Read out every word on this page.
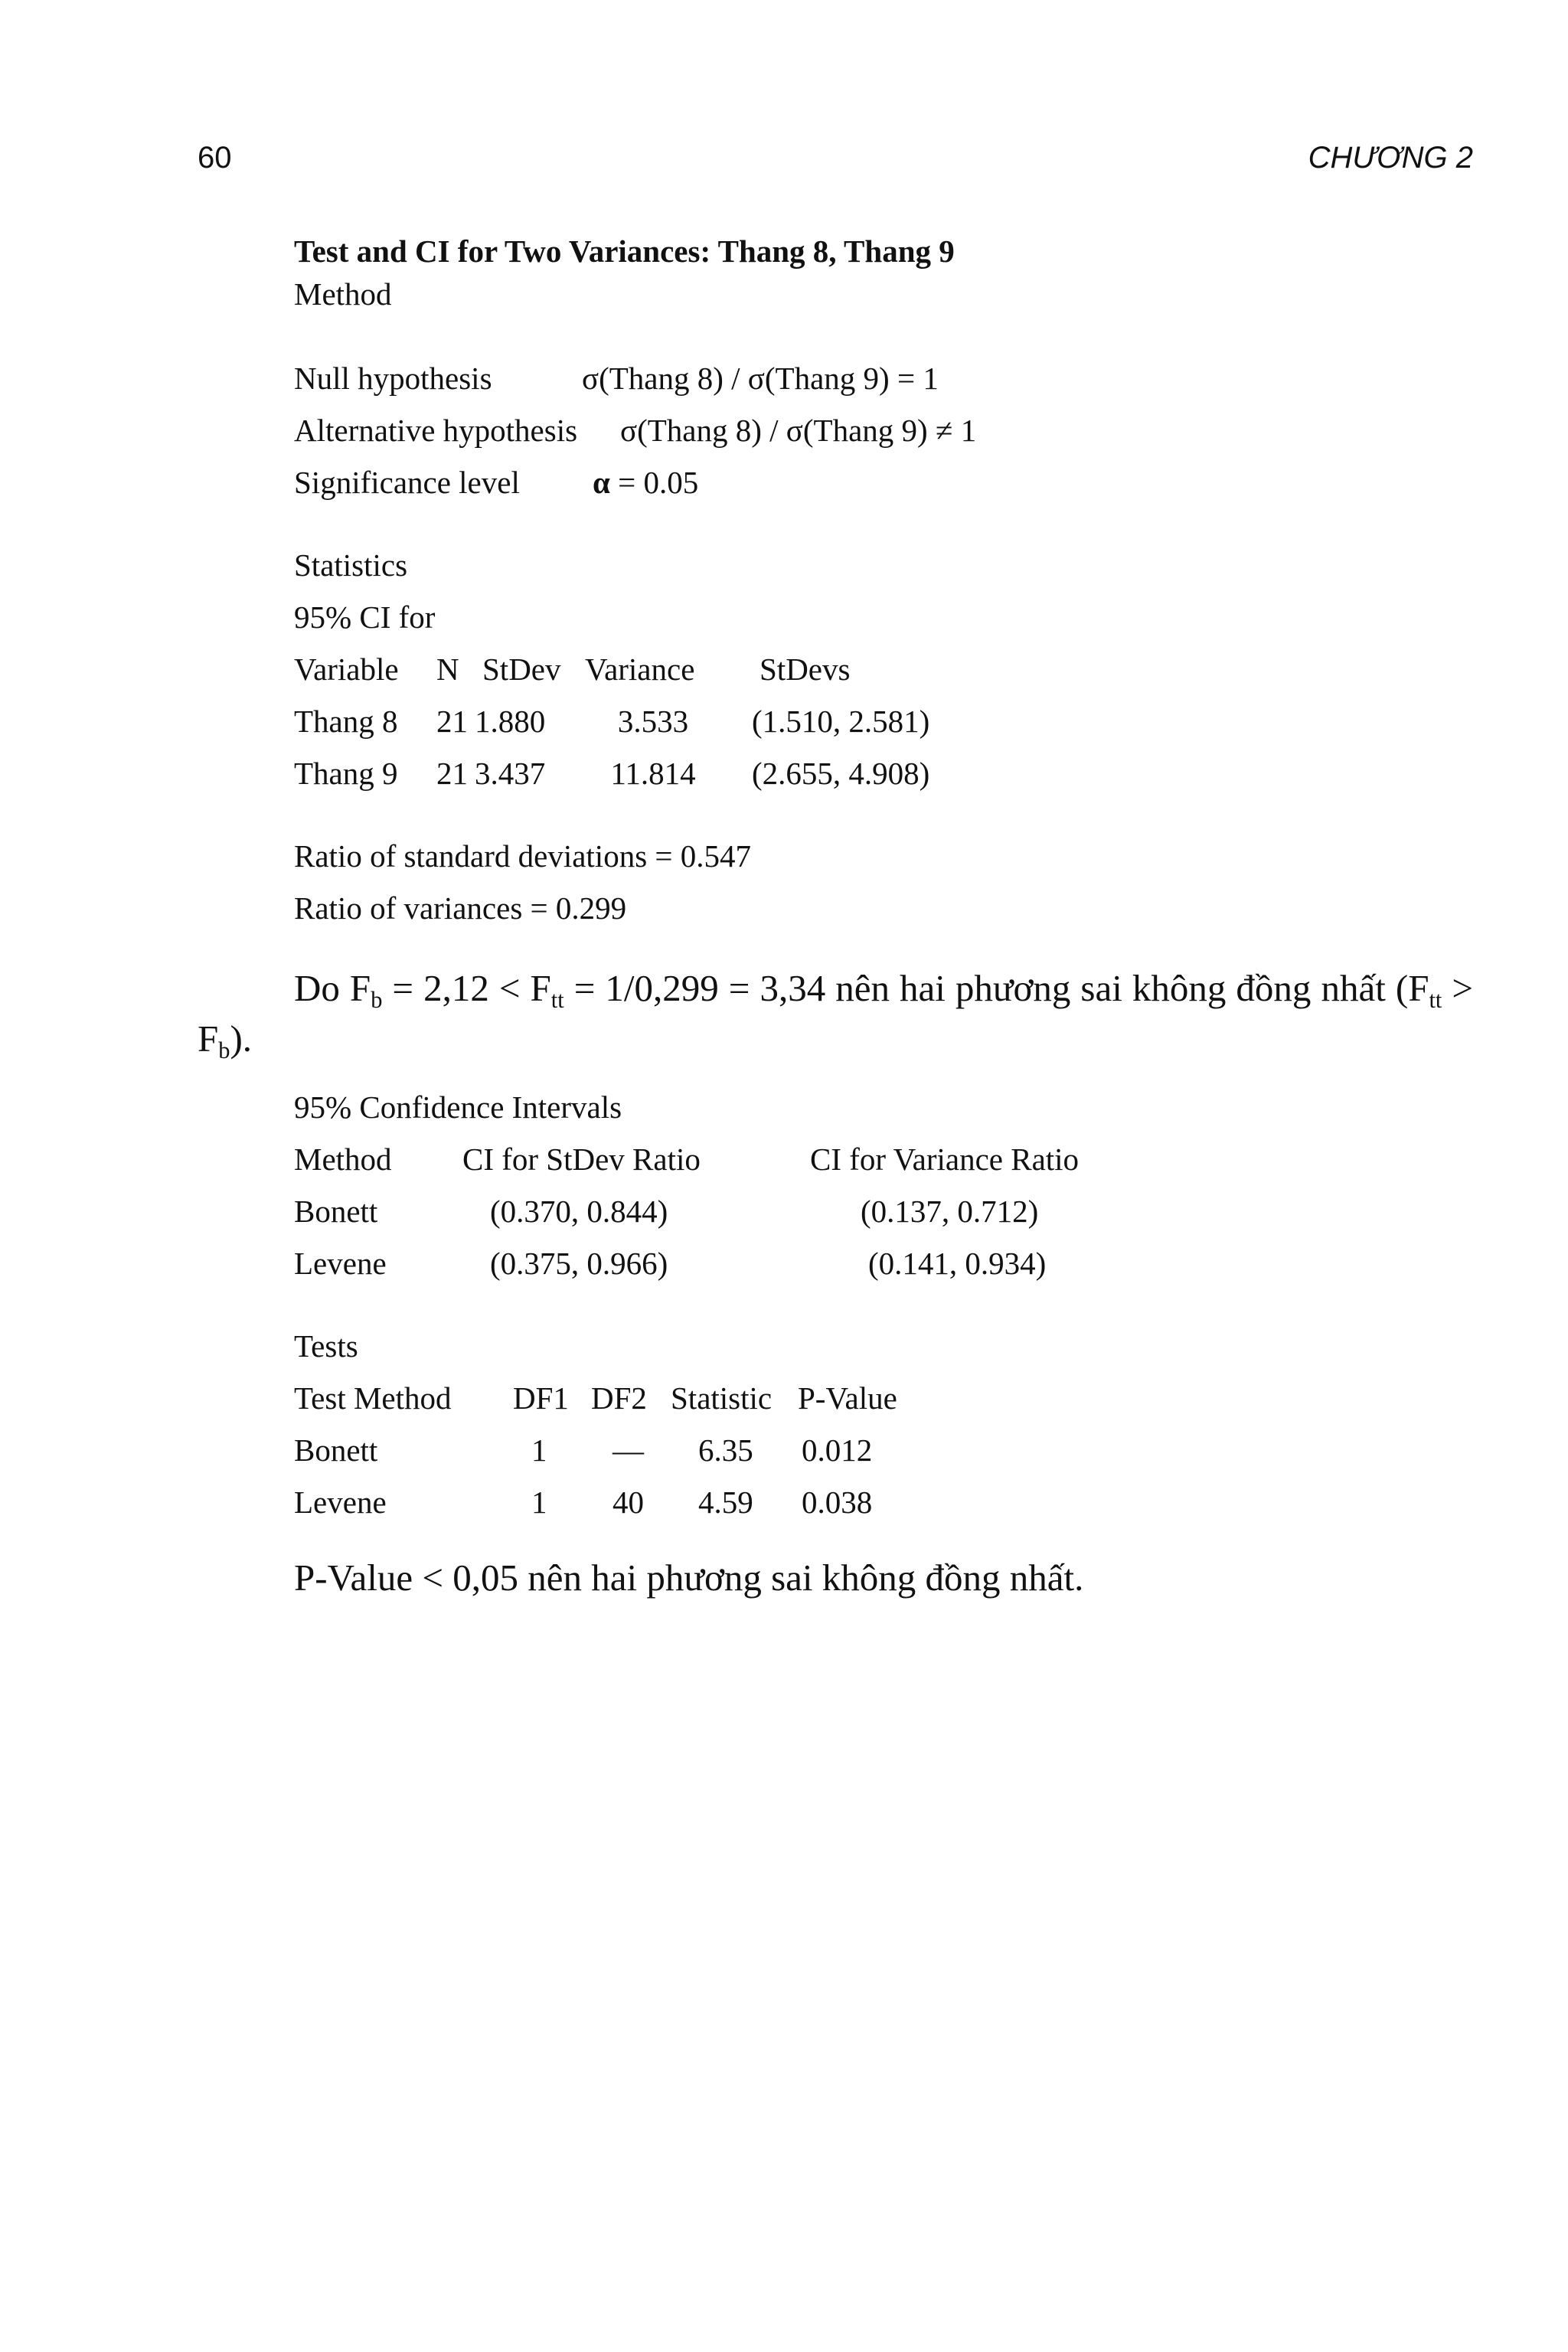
60	CHƯƠNG 2
Test and CI for Two Variances: Thang 8, Thang 9
Method
Null hypothesis	σ(Thang 8) / σ(Thang 9) = 1
Alternative hypothesis	σ(Thang 8) / σ(Thang 9) ≠ 1
Significance level	α = 0.05
Statistics
95% CI for
Variable	N StDev Variance	StDevs
Thang 8	21 1.880	3.533	(1.510, 2.581)
Thang 9	21 3.437	11.814	(2.655, 4.908)
Ratio of standard deviations = 0.547
Ratio of variances = 0.299

Do $F_b = 2,12 < F_{tt} = 1/0,299 = 3,34$ nên hai phương sai không đồng nhất $(F_{tt} > F_b)$.

95% Confidence Intervals
Method	CI for StDev Ratio	CI for Variance Ratio
Bonett	(0.370, 0.844)	(0.137, 0.712)
Levene	(0.375, 0.966)	(0.141, 0.934)
Tests
Test Method	DF1 DF2 Statistic P-Value
Bonett	1	—	6.35	0.012
Levene	1	40	4.59	0.038

P-Value < 0,05 nên hai phương sai không đồng nhất.
